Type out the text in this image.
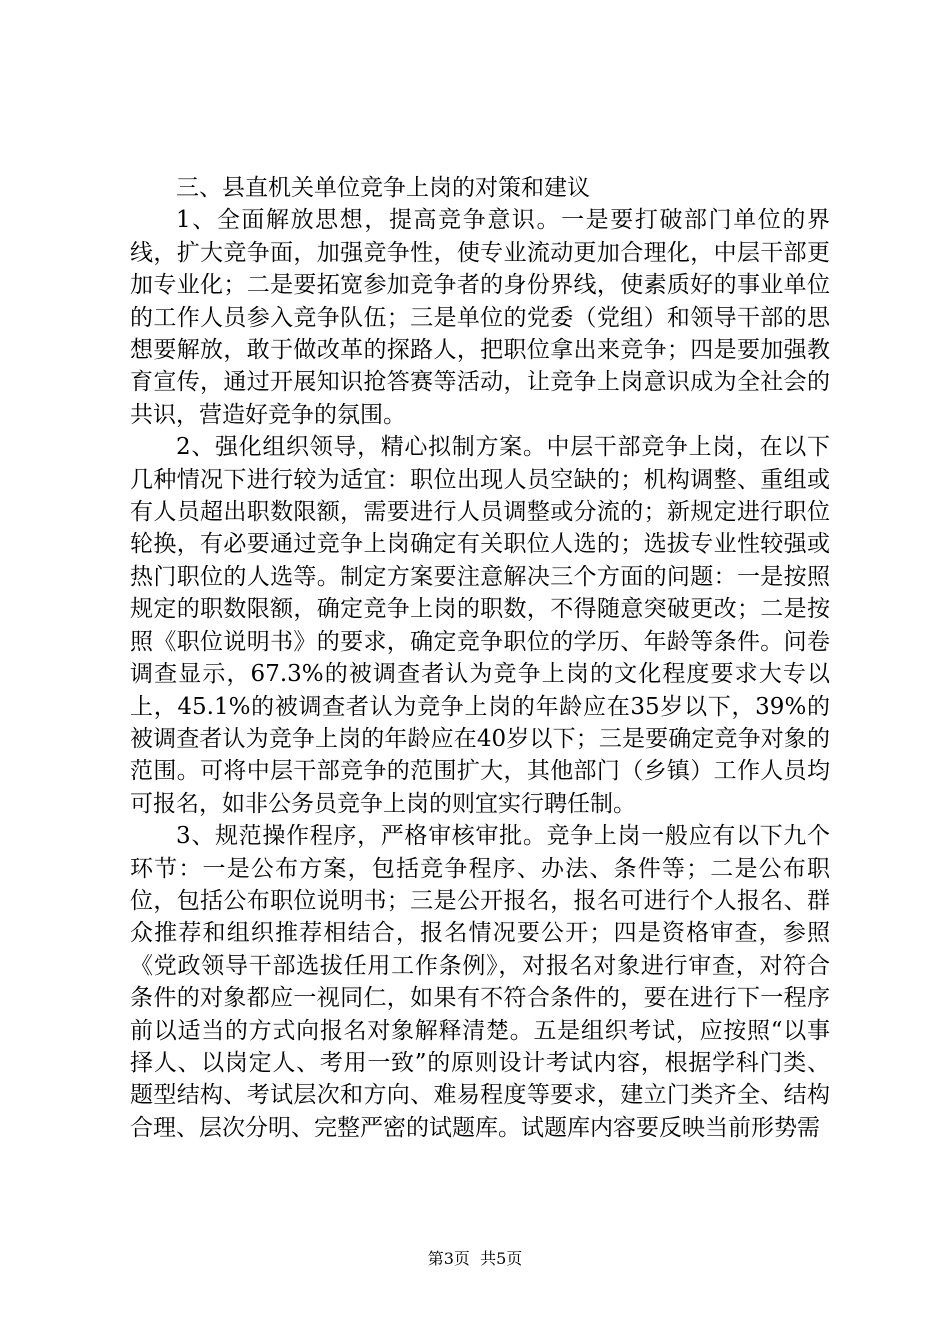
三、县直机关单位竞争上岗的对策和建议

1、全面解放思想，提高竞争意识。一是要打破部门单位的界线，扩大竞争面，加强竞争性，使专业流动更加合理化，中层干部更加专业化；二是要拓宽参加竞争者的身份界线，使素质好的事业单位的工作人员参入竞争队伍；三是单位的党委（党组）和领导干部的思想要解放，敢于做改革的探路人，把职位拿出来竞争；四是要加强教育宣传，通过开展知识抢答赛等活动，让竞争上岗意识成为全社会的共识，营造好竞争的氛围。

2、强化组织领导，精心拟制方案。中层干部竞争上岗，在以下几种情况下进行较为适宜：职位出现人员空缺的；机构调整、重组或有人员超出职数限额，需要进行人员调整或分流的；新规定进行职位轮换，有必要通过竞争上岗确定有关职位人选的；选拔专业性较强或热门职位的人选等。制定方案要注意解决三个方面的问题：一是按照规定的职数限额，确定竞争上岗的职数，不得随意突破更改；二是按照《职位说明书》的要求，确定竞争职位的学历、年龄等条件。问卷调查显示，67.3%的被调查者认为竞争上岗的文化程度要求大专以上，45.1%的被调查者认为竞争上岗的年龄应在35岁以下，39%的被调查者认为竞争上岗的年龄应在40岁以下；三是要确定竞争对象的范围。可将中层干部竞争的范围扩大，其他部门（乡镇）工作人员均可报名，如非公务员竞争上岗的则宜实行聘任制。

3、规范操作程序，严格审核审批。竞争上岗一般应有以下九个环节：一是公布方案，包括竞争程序、办法、条件等；二是公布职位，包括公布职位说明书；三是公开报名，报名可进行个人报名、群众推荐和组织推荐相结合，报名情况要公开；四是资格审查，参照《党政领导干部选拔任用工作条例》，对报名对象进行审查，对符合条件的对象都应一视同仁，如果有不符合条件的，要在进行下一程序前以适当的方式向报名对象解释清楚。五是组织考试，应按照“以事择人、以岗定人、考用一致”的原则设计考试内容，根据学科门类、题型结构、考试层次和方向、难易程度等要求，建立门类齐全、结构合理、层次分明、完整严密的试题库。试题库内容要反映当前形势需

第3页 共5页
